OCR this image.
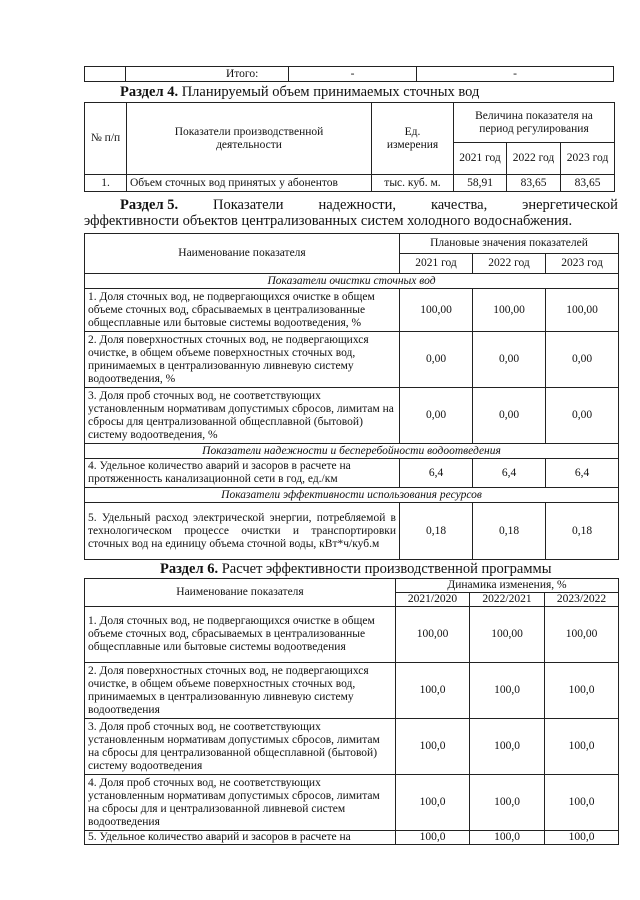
	Итого:	-	-
Раздел 4. Планируемый объем принимаемых сточных вод
№ п/п	Показатели производственной деятельности	Ед. измерения	Величина показателя на период регулирования		
			2021 год	2022 год	2023 год
1.	Объем сточных вод принятых у абонентов	тыс. куб. м.	58,91	83,65	83,65
Раздел 5. Показатели надежности, качества, энергетической
эффективности объектов централизованных систем холодного водоснабжения.
Наименование показателя	Плановые значения показателей		
	2021 год	2022 год	2023 год
Показатели очистки сточных вод			
1. Доля сточных вод, не подвергающихся очистке в общем объеме сточных вод, сбрасываемых в централизованные общесплавные или бытовые системы водоотведения, %	100,00	100,00	100,00
2. Доля поверхностных сточных вод, не подвергающихся очистке, в общем объеме поверхностных сточных вод, принимаемых в централизованную ливневую систему водоотведения, %	0,00	0,00	0,00
3. Доля проб сточных вод, не соответствующих установленным нормативам допустимых сбросов, лимитам на сбросы для централизованной общесплавной (бытовой) систему водоотведения, %	0,00	0,00	0,00
Показатели надежности и бесперебойности водоотведения			
4. Удельное количество аварий и засоров в расчете на протяженность канализационной сети в год, ед./км	6,4	6,4	6,4
Показатели эффективности использования ресурсов			
5. Удельный расход электрической энергии, потребляемой в технологическом процессе очистки и транспортировки сточных вод на единицу объема сточной воды, кВт*ч/куб.м	0,18	0,18	0,18
Раздел 6. Расчет эффективности производственной программы
Наименование показателя	Динамика изменения, %		
	2021/2020	2022/2021	2023/2022
1. Доля сточных вод, не подвергающихся очистке в общем объеме сточных вод, сбрасываемых в централизованные общесплавные или бытовые системы водоотведения	100,00	100,00	100,00
2. Доля поверхностных сточных вод, не подвергающихся очистке, в общем объеме поверхностных сточных вод, принимаемых в централизованную ливневую систему водоотведения	100,0	100,0	100,0
3. Доля проб сточных вод, не соответствующих установленным нормативам допустимых сбросов, лимитам на сбросы для централизованной общесплавной (бытовой) систему водоотведения	100,0	100,0	100,0
4. Доля проб сточных вод, не соответствующих установленным нормативам допустимых сбросов, лимитам на сбросы для и централизованной ливневой систем водоотведения	100,0	100,0	100,0
5. Удельное количество аварий и засоров в расчете на	100,0	100,0	100,0
